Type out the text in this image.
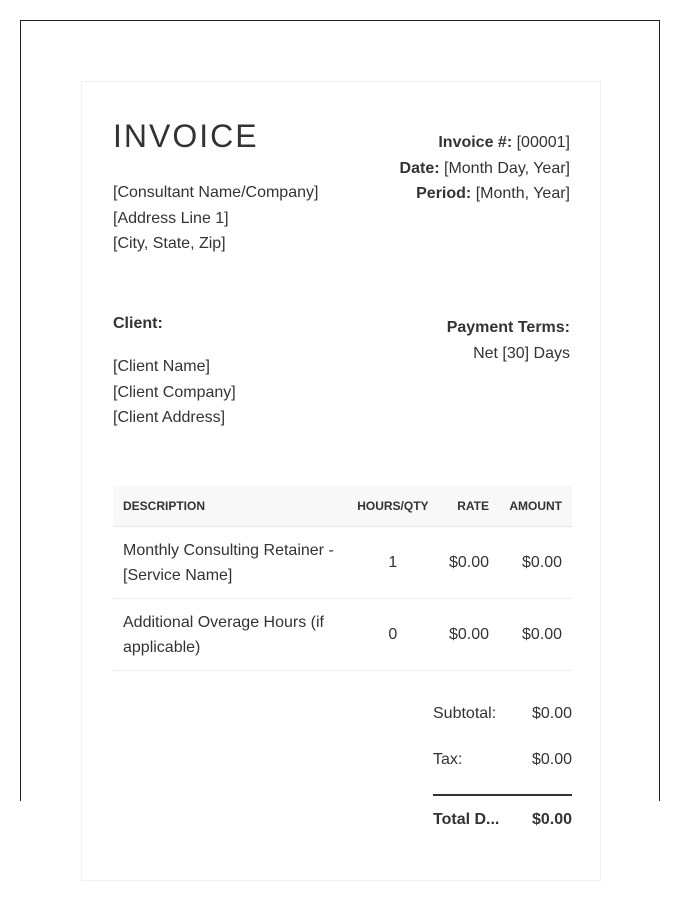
INVOICE	Invoice #: [00001]
Date: [Month Day, Year]
Period: [Month, Year]
[Consultant Name/Company]
[Address Line 1]
[City, State, Zip]
Client:
[Client Name]
[Client Company]
[Client Address]
Payment Terms:
Net [30] Days
DESCRIPTION	HOURS/QTY	RATE	AMOUNT
Monthly Consulting Retainer - [Service Name]	1	$0.00	$0.00
Additional Overage Hours (if applicable)	0	$0.00	$0.00
Subtotal: $0.00
Tax:	$0.00
Total D... $0.00
